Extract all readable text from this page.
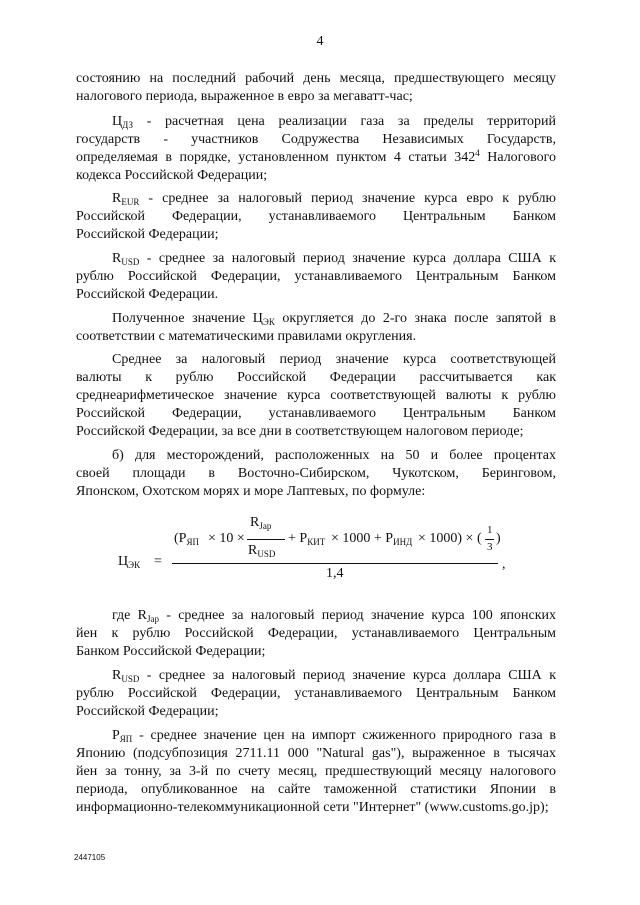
4
состоянию на последний рабочий день месяца, предшествующего месяцу
налогового периода, выраженное в евро за мегаватт-час;
$Ц_{ДЗ}$ - расчетная цена реализации газа за пределы территорий
государств - участников Содружества Независимых Государств,
определяемая в порядке, установленном пунктом 4 статьи $342^4$ Налогового
кодекса Российской Федерации;
$R_{EUR}$ - среднее за налоговый период значение курса евро к рублю
Российской Федерации, устанавливаемого Центральным Банком
Российской Федерации;
$R_{USD}$ - среднее за налоговый период значение курса доллара США к
рублю Российской Федерации, устанавливаемого Центральным Банком
Российской Федерации.
Полученное значение $Ц_{ЭК}$ округляется до 2-го знака после запятой в
соответствии с математическими правилами округления.
Среднее за налоговый период значение курса соответствующей
валюты к рублю Российской Федерации рассчитывается как
среднеарифметическое значение курса соответствующей валюты к рублю
Российской Федерации, устанавливаемого Центральным Банком
Российской Федерации, за все дни в соответствующем налоговом периоде;
б) для месторождений, расположенных на 50 и более процентах
своей площади в Восточно-Сибирском, Чукотском, Беринговом,
Японском, Охотском морях и море Лаптевых, по формуле:
$Ц_{ЭК}$ =
($Р_{ЯП} \times 10$ ×
$R_{Jap}$
$R_{USD}$
+ $Р_{КИТ} \times 1000 + Р_{ИНД} \times 1000$) × (
1
3
)
1,4
,
где $R_{Jap}$ - среднее за налоговый период значение курса 100 японских
йен к рублю Российской Федерации, устанавливаемого Центральным
Банком Российской Федерации;
$R_{USD}$ - среднее за налоговый период значение курса доллара США к
рублю Российской Федерации, устанавливаемого Центральным Банком
Российской Федерации;
$Р_{ЯП}$ - среднее значение цен на импорт сжиженного природного газа в
Японию (подсубпозиция 2711.11 000 "Natural gas"), выраженное в тысячах
йен за тонну, за 3-й по счету месяц, предшествующий месяцу налогового
периода, опубликованное на сайте таможенной статистики Японии в
информационно-телекоммуникационной сети "Интернет" (www.customs.go.jp);
2447105
